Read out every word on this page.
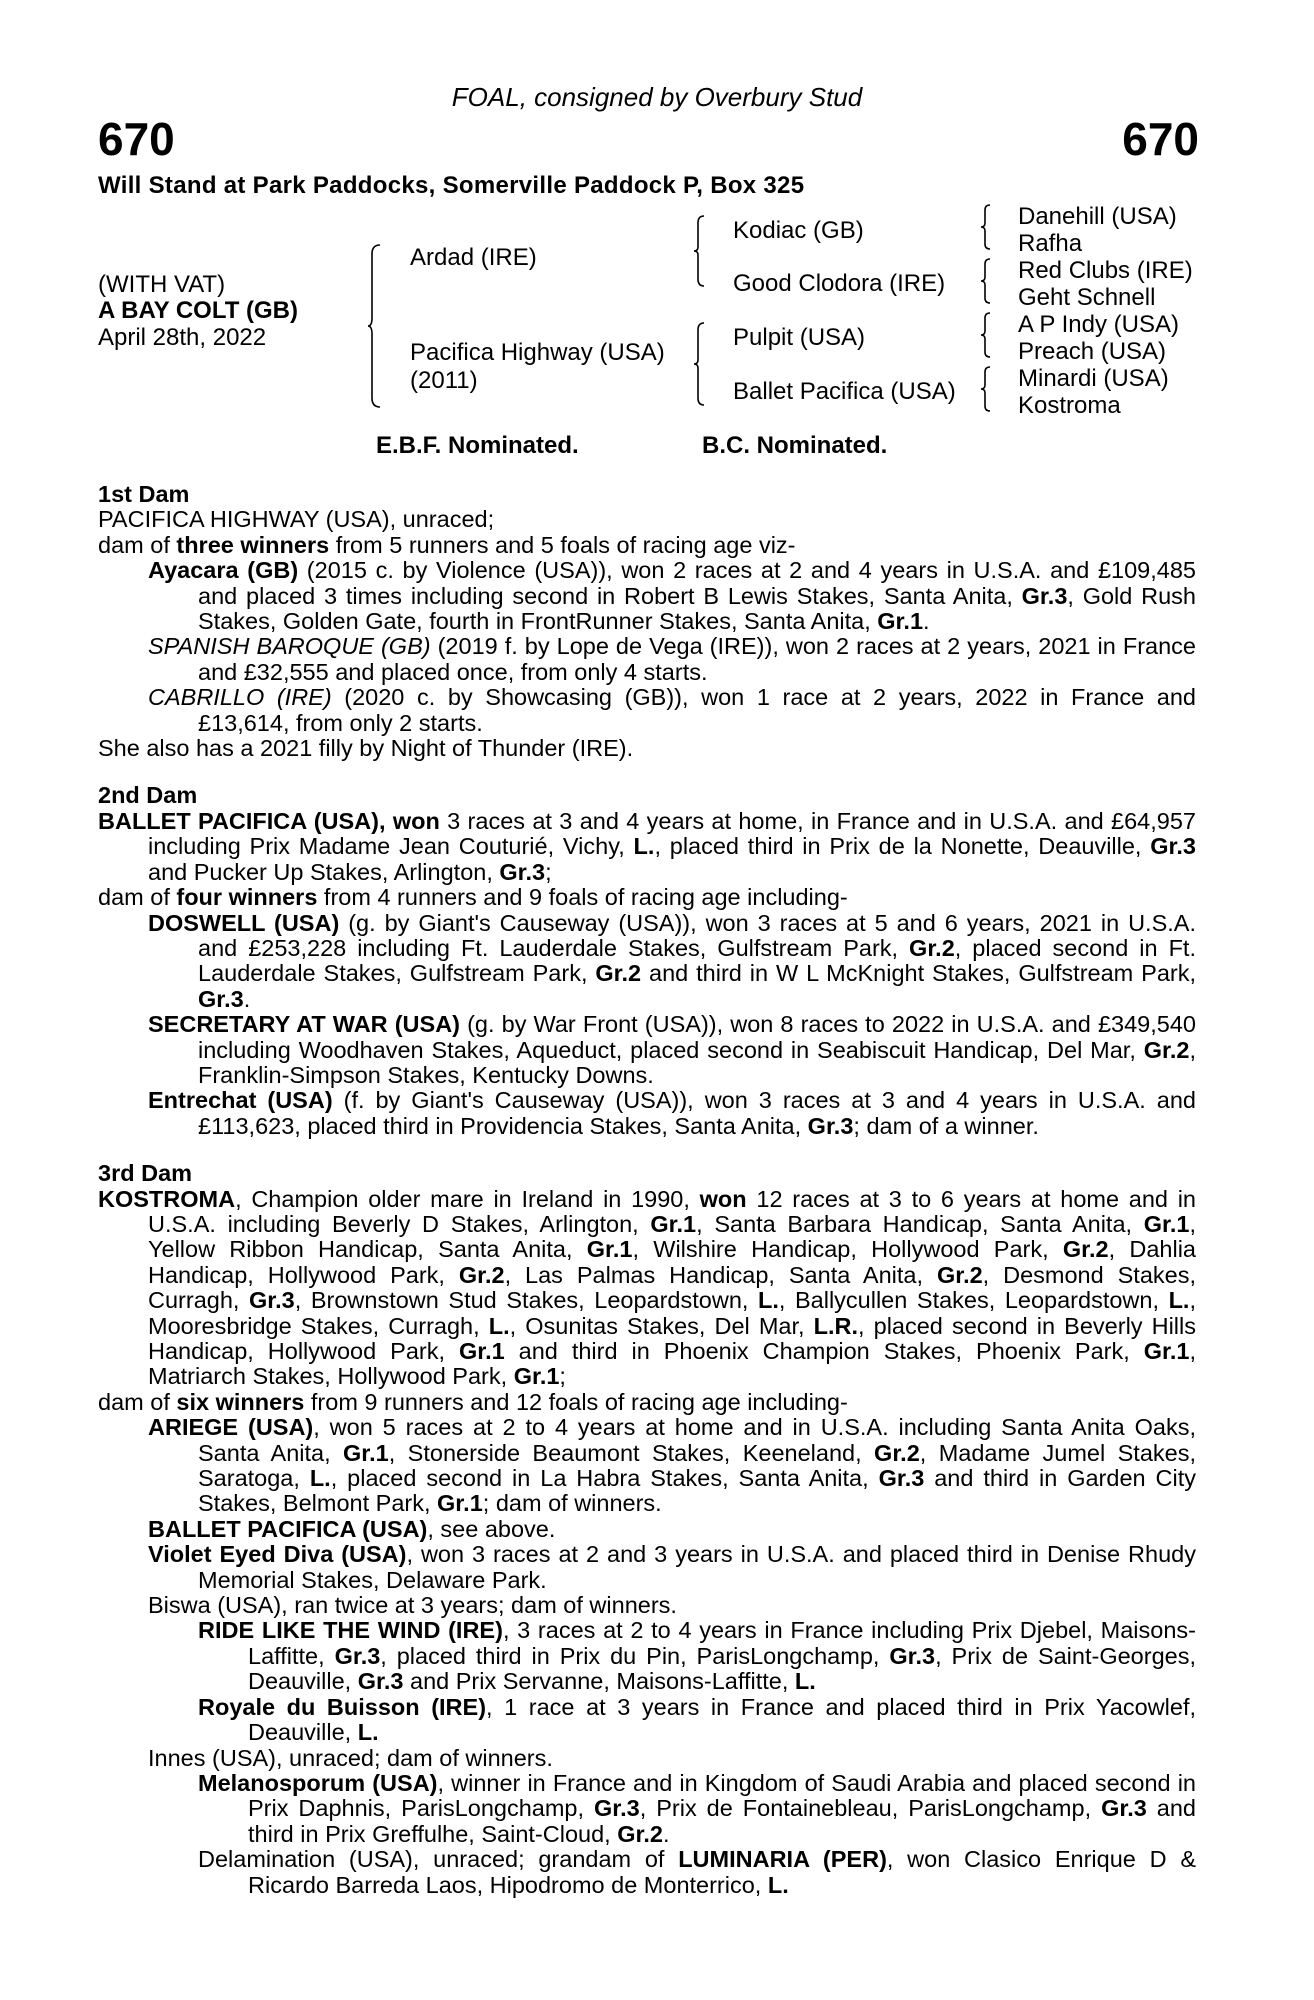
FOAL, consigned by Overbury Stud
670	670
Will Stand at Park Paddocks, Somerville Paddock P, Box 325
(WITH VAT)
A BAY COLT (GB)
April 28th, 2022
Ardad (IRE)
Pacifica Highway (USA)
(2011)
Kodiac (GB)
Good Clodora (IRE)
Pulpit (USA)
Ballet Pacifica (USA)
Danehill (USA)
Rafha
Red Clubs (IRE)
Geht Schnell
A P Indy (USA)
Preach (USA)
Minardi (USA)
Kostroma
E.B.F. Nominated.	B.C. Nominated.

1st Dam

PACIFICA HIGHWAY (USA), unraced;

dam of three winners from 5 runners and 5 foals of racing age viz-

Ayacara (GB) (2015 c. by Violence (USA)), won 2 races at 2 and 4 years in U.S.A. and £109,485 and placed 3 times including second in Robert B Lewis Stakes, Santa Anita, Gr.3, Gold Rush Stakes, Golden Gate, fourth in FrontRunner Stakes, Santa Anita, Gr.1.

SPANISH BAROQUE (GB) (2019 f. by Lope de Vega (IRE)), won 2 races at 2 years, 2021 in France and £32,555 and placed once, from only 4 starts.

CABRILLO (IRE) (2020 c. by Showcasing (GB)), won 1 race at 2 years, 2022 in France and £13,614, from only 2 starts.

She also has a 2021 filly by Night of Thunder (IRE).

2nd Dam

BALLET PACIFICA (USA), won 3 races at 3 and 4 years at home, in France and in U.S.A. and £64,957 including Prix Madame Jean Couturié, Vichy, L., placed third in Prix de la Nonette, Deauville, Gr.3 and Pucker Up Stakes, Arlington, Gr.3;

dam of four winners from 4 runners and 9 foals of racing age including-

DOSWELL (USA) (g. by Giant's Causeway (USA)), won 3 races at 5 and 6 years, 2021 in U.S.A. and £253,228 including Ft. Lauderdale Stakes, Gulfstream Park, Gr.2, placed second in Ft. Lauderdale Stakes, Gulfstream Park, Gr.2 and third in W L McKnight Stakes, Gulfstream Park, Gr.3.

SECRETARY AT WAR (USA) (g. by War Front (USA)), won 8 races to 2022 in U.S.A. and £349,540 including Woodhaven Stakes, Aqueduct, placed second in Seabiscuit Handicap, Del Mar, Gr.2, Franklin-Simpson Stakes, Kentucky Downs.

Entrechat (USA) (f. by Giant's Causeway (USA)), won 3 races at 3 and 4 years in U.S.A. and £113,623, placed third in Providencia Stakes, Santa Anita, Gr.3; dam of a winner.

3rd Dam

KOSTROMA, Champion older mare in Ireland in 1990, won 12 races at 3 to 6 years at home and in U.S.A. including Beverly D Stakes, Arlington, Gr.1, Santa Barbara Handicap, Santa Anita, Gr.1, Yellow Ribbon Handicap, Santa Anita, Gr.1, Wilshire Handicap, Hollywood Park, Gr.2, Dahlia Handicap, Hollywood Park, Gr.2, Las Palmas Handicap, Santa Anita, Gr.2, Desmond Stakes, Curragh, Gr.3, Brownstown Stud Stakes, Leopardstown, L., Ballycullen Stakes, Leopardstown, L., Mooresbridge Stakes, Curragh, L., Osunitas Stakes, Del Mar, L.R., placed second in Beverly Hills Handicap, Hollywood Park, Gr.1 and third in Phoenix Champion Stakes, Phoenix Park, Gr.1, Matriarch Stakes, Hollywood Park, Gr.1;

dam of six winners from 9 runners and 12 foals of racing age including-

ARIEGE (USA), won 5 races at 2 to 4 years at home and in U.S.A. including Santa Anita Oaks, Santa Anita, Gr.1, Stonerside Beaumont Stakes, Keeneland, Gr.2, Madame Jumel Stakes, Saratoga, L., placed second in La Habra Stakes, Santa Anita, Gr.3 and third in Garden City Stakes, Belmont Park, Gr.1; dam of winners.

BALLET PACIFICA (USA), see above.

Violet Eyed Diva (USA), won 3 races at 2 and 3 years in U.S.A. and placed third in Denise Rhudy Memorial Stakes, Delaware Park.

Biswa (USA), ran twice at 3 years; dam of winners.

RIDE LIKE THE WIND (IRE), 3 races at 2 to 4 years in France including Prix Djebel, Maisons-Laffitte, Gr.3, placed third in Prix du Pin, ParisLongchamp, Gr.3, Prix de Saint-Georges, Deauville, Gr.3 and Prix Servanne, Maisons-Laffitte, L.

Royale du Buisson (IRE), 1 race at 3 years in France and placed third in Prix Yacowlef, Deauville, L.

Innes (USA), unraced; dam of winners.

Melanosporum (USA), winner in France and in Kingdom of Saudi Arabia and placed second in Prix Daphnis, ParisLongchamp, Gr.3, Prix de Fontainebleau, ParisLongchamp, Gr.3 and third in Prix Greffulhe, Saint-Cloud, Gr.2.

Delamination (USA), unraced; grandam of LUMINARIA (PER), won Clasico Enrique D & Ricardo Barreda Laos, Hipodromo de Monterrico, L.
